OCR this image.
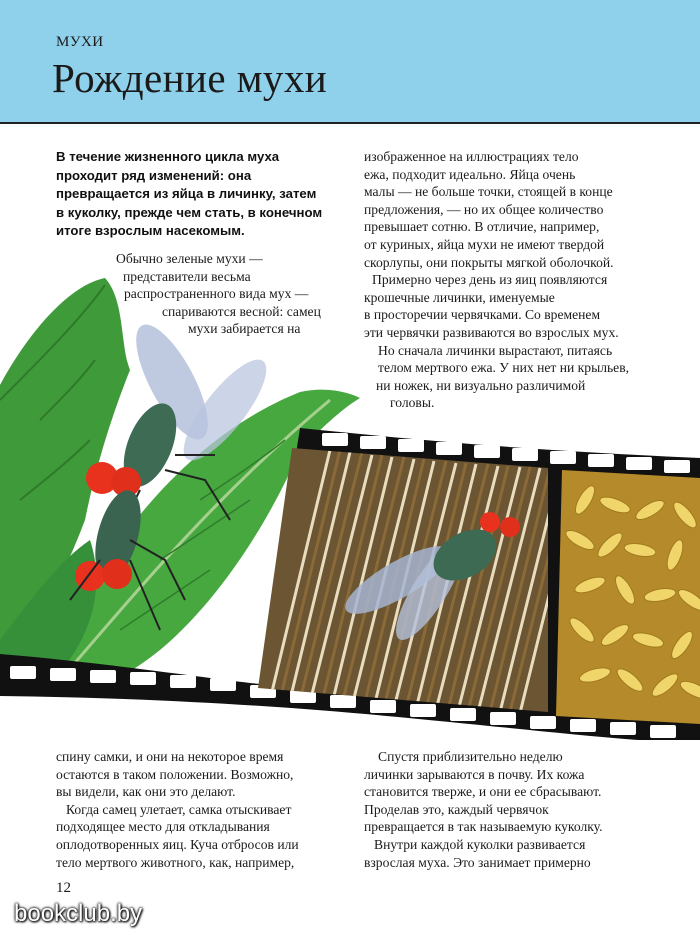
МУХИ
Рождение мухи
В течение жизненного цикла муха
проходит ряд изменений: она
превращается из яйца в личинку, затем
в куколку, прежде чем стать, в конечном
итоге взрослым насекомым.
Обычно зеленые мухи —
представители весьма
распространенного вида мух —
спариваются весной: самец
мухи забирается на
изображенное на иллюстрациях тело
ежа, подходит идеально. Яйца очень
малы — не больше точки, стоящей в конце
предложения, — но их общее количество
превышает сотню. В отличие, например,
от куриных, яйца мухи не имеют твердой
скорлупы, они покрыты мягкой оболочкой.
Примерно через день из яиц появляются
крошечные личинки, именуемые
в просторечии червячками. Со временем
эти червячки развиваются во взрослых мух.
Но сначала личинки вырастают, питаясь
телом мертвого ежа. У них нет ни крыльев,
ни ножек, ни визуально различимой
головы.
спину самки, и они на некоторое время
остаются в таком положении. Возможно,
вы видели, как они это делают.
Когда самец улетает, самка отыскивает
подходящее место для откладывания
оплодотворенных яиц. Куча отбросов или
тело мертвого животного, как, например,
Спустя приблизительно неделю
личинки зарываются в почву. Их кожа
становится тверже, и они ее сбрасывают.
Проделав это, каждый червячок
превращается в так называемую куколку.
Внутри каждой куколки развивается
взрослая муха. Это занимает примерно
12
bookclub.by
